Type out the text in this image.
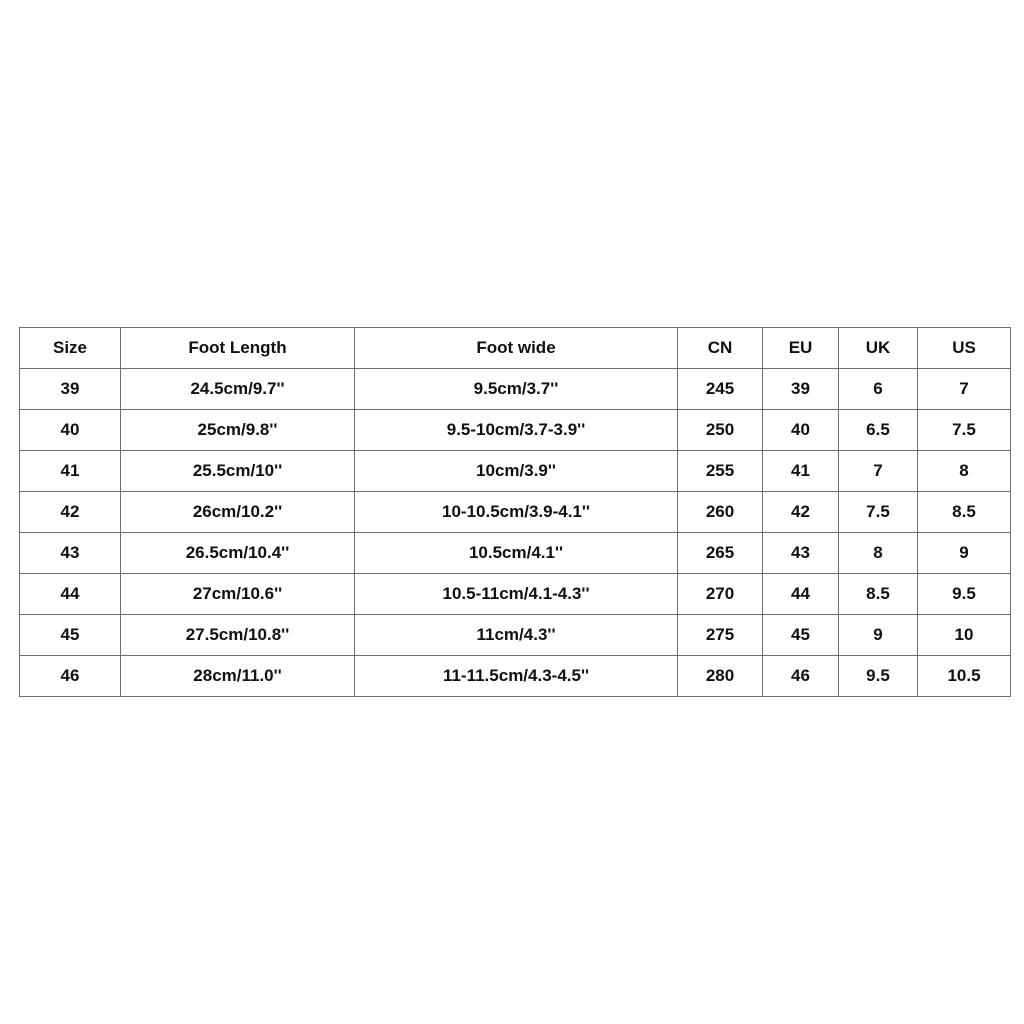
Size	Foot Length	Foot wide	CN	EU	UK	US
39	24.5cm/9.7''	9.5cm/3.7''	245	39	6	7
40	25cm/9.8''	9.5-10cm/3.7-3.9''	250	40	6.5	7.5
41	25.5cm/10''	10cm/3.9''	255	41	7	8
42	26cm/10.2''	10-10.5cm/3.9-4.1''	260	42	7.5	8.5
43	26.5cm/10.4''	10.5cm/4.1''	265	43	8	9
44	27cm/10.6''	10.5-11cm/4.1-4.3''	270	44	8.5	9.5
45	27.5cm/10.8''	11cm/4.3''	275	45	9	10
46	28cm/11.0''	11-11.5cm/4.3-4.5''	280	46	9.5	10.5
